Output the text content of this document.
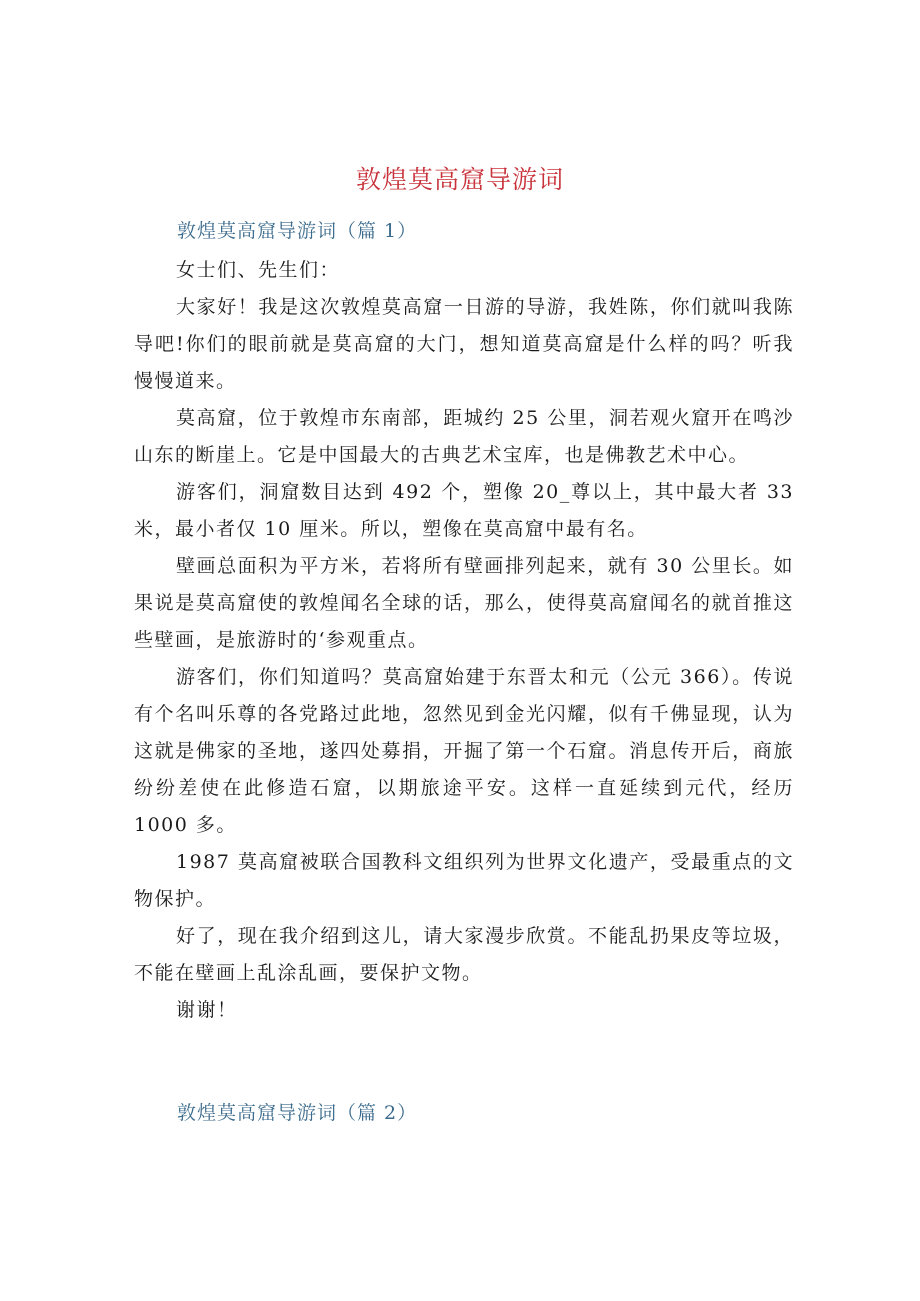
敦煌莫高窟导游词
敦煌莫高窟导游词（篇 1）

女士们、先生们：

大家好！我是这次敦煌莫高窟一日游的导游，我姓陈，你们就叫我陈导吧!你们的眼前就是莫高窟的大门，想知道莫高窟是什么样的吗？听我慢慢道来。

莫高窟，位于敦煌市东南部，距城约 25 公里，洞若观火窟开在鸣沙山东的断崖上。它是中国最大的古典艺术宝库，也是佛教艺术中心。

游客们，洞窟数目达到 492 个，塑像 20_尊以上，其中最大者 33 米，最小者仅 10 厘米。所以，塑像在莫高窟中最有名。

壁画总面积为平方米，若将所有壁画排列起来，就有 30 公里长。如果说是莫高窟使的敦煌闻名全球的话，那么，使得莫高窟闻名的就首推这些壁画，是旅游时的‘参观重点。

游客们，你们知道吗？莫高窟始建于东晋太和元（公元 366）。传说有个名叫乐尊的各党路过此地，忽然见到金光闪耀，似有千佛显现，认为这就是佛家的圣地，遂四处募捐，开掘了第一个石窟。消息传开后，商旅纷纷差使在此修造石窟，以期旅途平安。这样一直延续到元代，经历 1000 多。

1987 莫高窟被联合国教科文组织列为世界文化遗产，受最重点的文物保护。

好了，现在我介绍到这儿，请大家漫步欣赏。不能乱扔果皮等垃圾，不能在壁画上乱涂乱画，要保护文物。

谢谢！

敦煌莫高窟导游词（篇 2）
